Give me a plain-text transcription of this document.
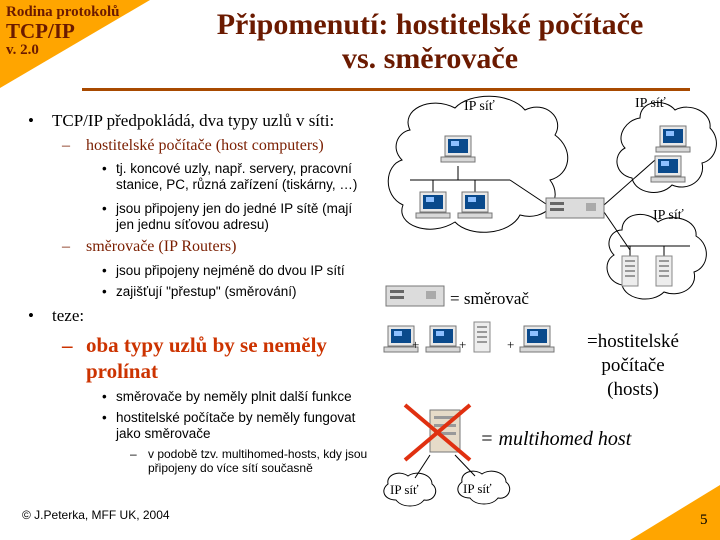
Rodina protokolů
TCP/IP
v. 2.0
Připomenutí: hostitelské počítače
vs. směrovače
• TCP/IP předpokládá, dva typy uzlů v síti:
– hostitelské počítače (host computers)
• tj. koncové uzly, např. servery, pracovní
stanice, PC, různá zařízení (tiskárny, …)
• jsou připojeny jen do jedné IP sítě (mají
jen jednu síťovou adresu)
– směrovače (IP Routers)
• jsou připojeny nejméně do dvou IP sítí
• zajišťují "přestup" (směrování)
• teze:
– oba typy uzlů by se neměly
prolínat
• směrovače by neměly plnit další funkce
• hostitelské počítače by neměly fungovat
jako směrovače
– v podobě tzv. multihomed-hosts, kdy jsou
připojeny do více sítí současně
IP síť	IP síť
IP síť
IP síť	IP síť
= směrovač
+	+	+	=hostitelské
počítače
(hosts)
= multihomed host
© J.Peterka, MFF UK, 2004	5
